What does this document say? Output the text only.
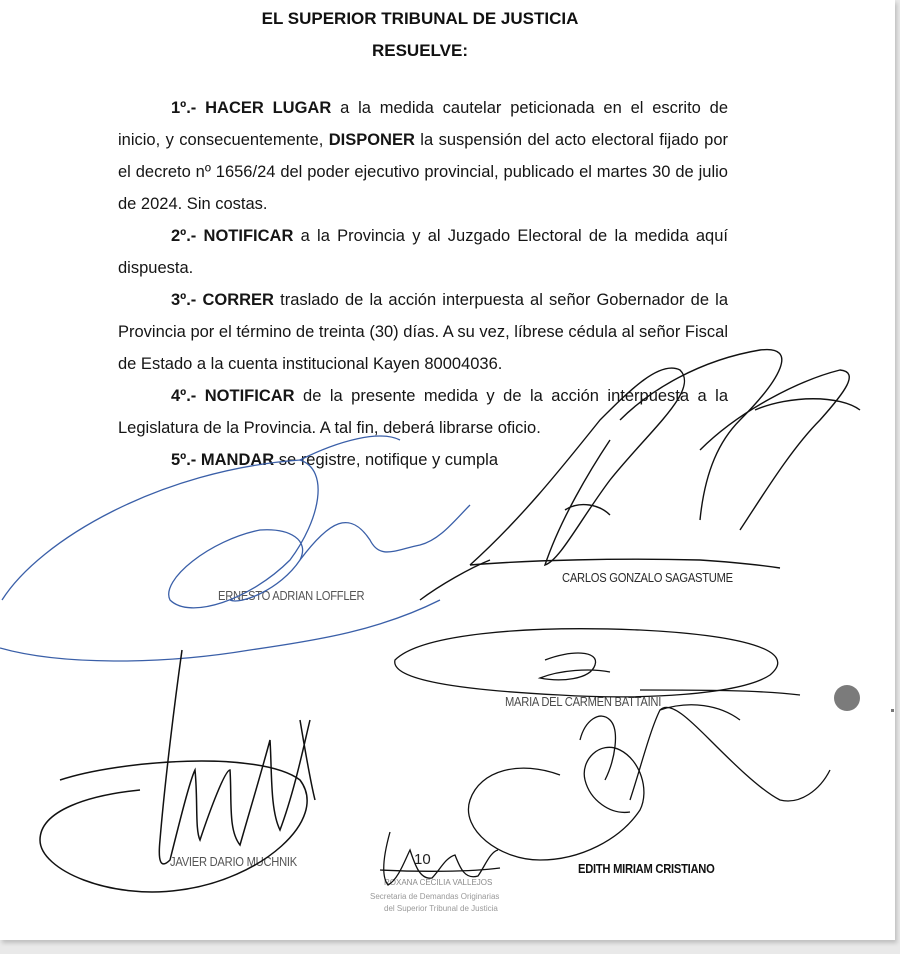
EL SUPERIOR TRIBUNAL DE JUSTICIA
RESUELVE:

1º.- HACER LUGAR a la medida cautelar peticionada en el escrito de inicio, y consecuentemente, DISPONER la suspensión del acto electoral fijado por el decreto nº 1656/24 del poder ejecutivo provincial, publicado el martes 30 de julio de 2024. Sin costas.

2º.- NOTIFICAR a la Provincia y al Juzgado Electoral de la medida aquí dispuesta.

3º.- CORRER traslado de la acción interpuesta al señor Gobernador de la Provincia por el término de treinta (30) días. A su vez, líbrese cédula al señor Fiscal de Estado a la cuenta institucional Kayen 80004036.

4º.- NOTIFICAR de la presente medida y de la acción interpuesta a la Legislatura de la Provincia. A tal fin, deberá librarse oficio.

5º.- MANDAR se registre, notifique y cumpla

ERNESTO ADRIAN LOFFLER
CARLOS GONZALO SAGASTUME
MARIA DEL CARMEN BATTAINI
JAVIER DARIO MUCHNIK	EDITH MIRIAM CRISTIANO
10
ROXANA CECILIA VALLEJOS
Secretaria de Demandas Originarias
del Superior Tribunal de Justicia
